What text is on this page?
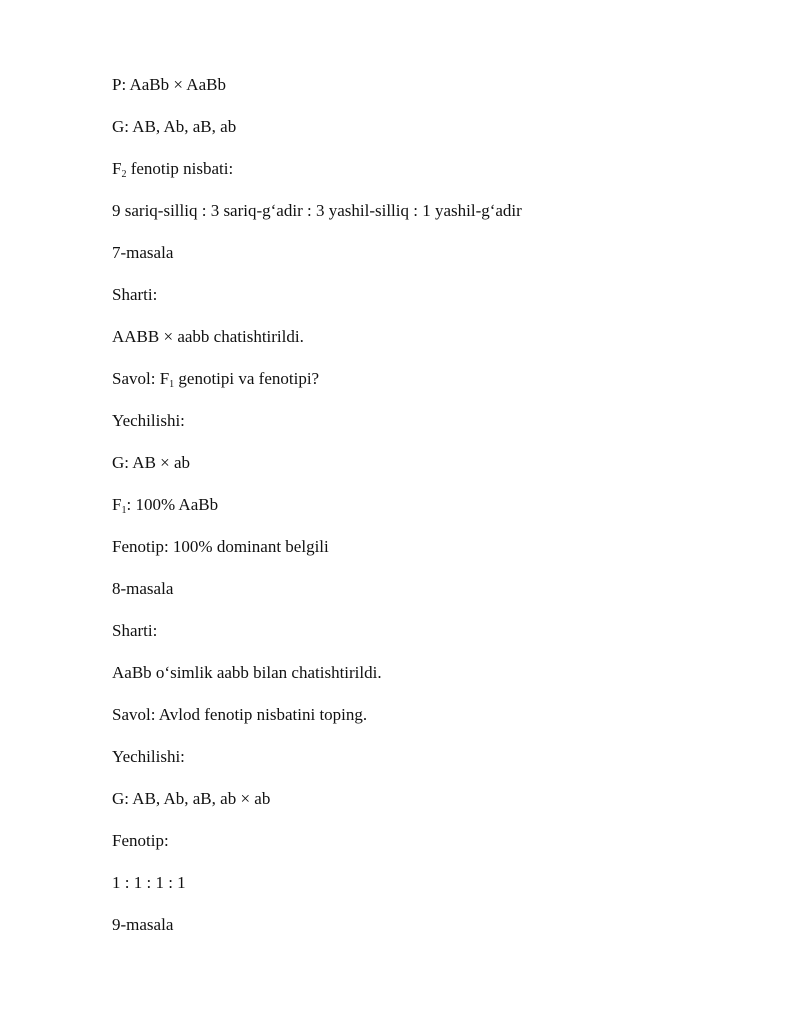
P: AaBb × AaBb
G: AB, Ab, aB, ab
$F_2$ fenotip nisbati:
9 sariq-silliq : 3 sariq-g‘adir : 3 yashil-silliq : 1 yashil-g‘adir
7-masala
Sharti:
AABB × aabb chatishtirildi.
Savol: $F_1$ genotipi va fenotipi?
Yechilishi:
G: AB × ab
$F_1$: 100% AaBb
Fenotip: 100% dominant belgili
8-masala
Sharti:
AaBb o‘simlik aabb bilan chatishtirildi.
Savol: Avlod fenotip nisbatini toping.
Yechilishi:
G: AB, Ab, aB, ab × ab
Fenotip:
1 : 1 : 1 : 1
9-masala
